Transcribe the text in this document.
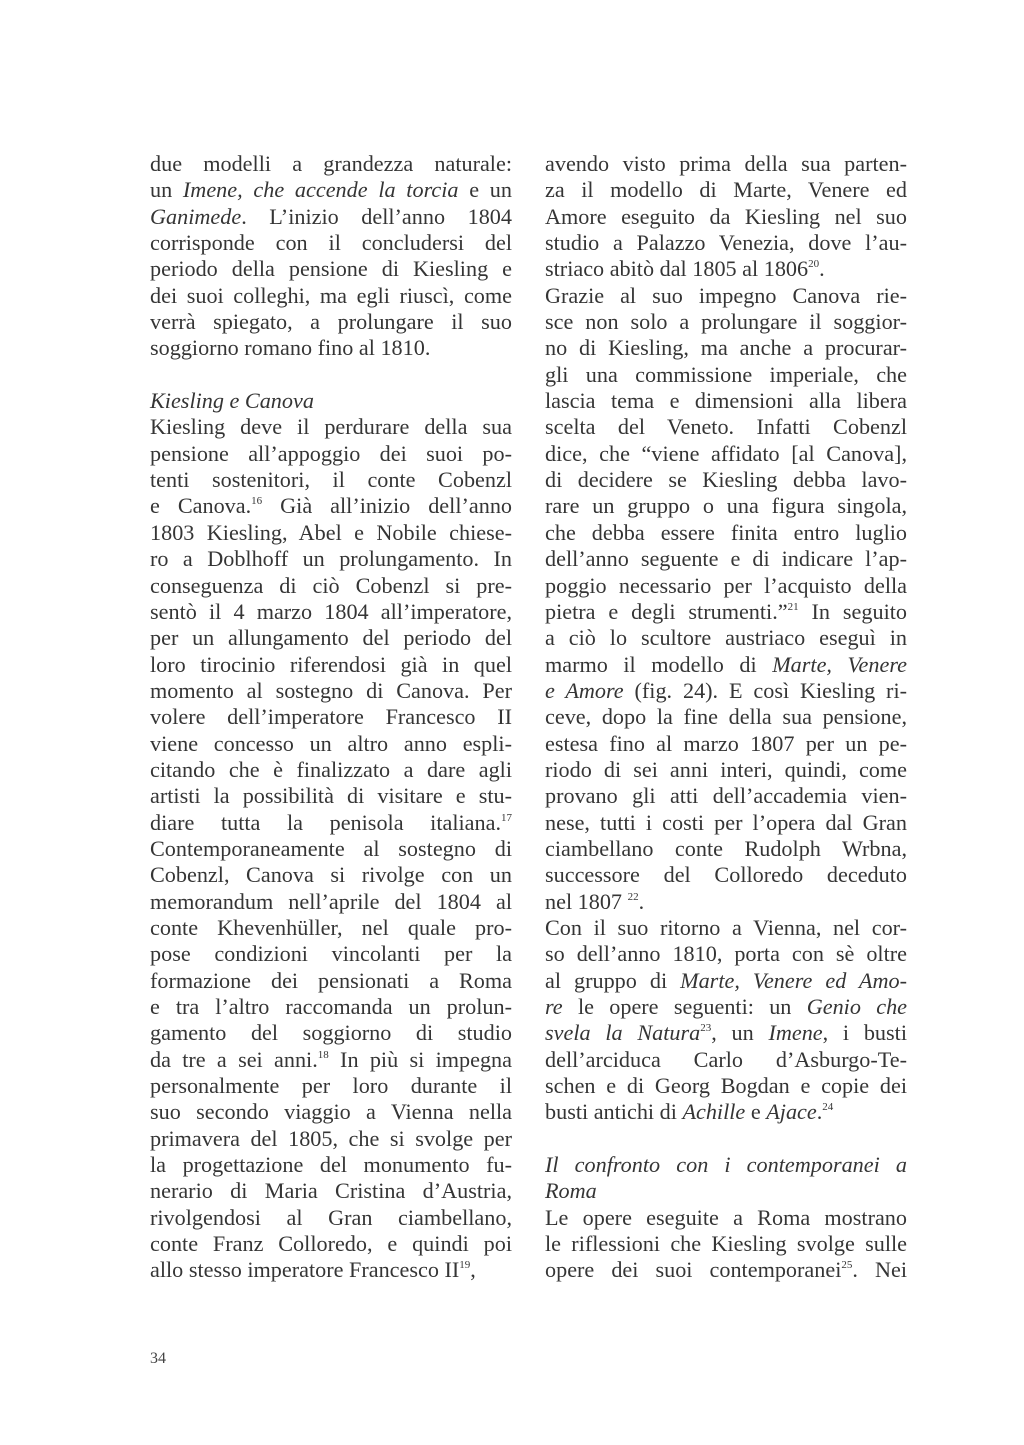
due modelli a grandezza naturale:
un Imene, che accende la torcia e un
Ganimede. L’inizio dell’anno 1804
corrisponde con il concludersi del
periodo della pensione di Kiesling e
dei suoi colleghi, ma egli riuscì, come
verrà spiegato, a prolungare il suo
soggiorno romano fino al 1810.
Kiesling e Canova
Kiesling deve il perdurare della sua
pensione all’appoggio dei suoi po-
tenti sostenitori, il conte Cobenzl
e Canova.$^{16}$ Già all’inizio dell’anno
1803 Kiesling, Abel e Nobile chiese-
ro a Doblhoff un prolungamento. In
conseguenza di ciò Cobenzl si pre-
sentò il 4 marzo 1804 all’imperatore,
per un allungamento del periodo del
loro tirocinio riferendosi già in quel
momento al sostegno di Canova. Per
volere dell’imperatore Francesco II
viene concesso un altro anno espli-
citando che è finalizzato a dare agli
artisti la possibilità di visitare e stu-
diare tutta la penisola italiana.$^{17}$
Contemporaneamente al sostegno di
Cobenzl, Canova si rivolge con un
memorandum nell’aprile del 1804 al
conte Khevenhüller, nel quale pro-
pose condizioni vincolanti per la
formazione dei pensionati a Roma
e tra l’altro raccomanda un prolun-
gamento del soggiorno di studio
da tre a sei anni.$^{18}$ In più si impegna
personalmente per loro durante il
suo secondo viaggio a Vienna nella
primavera del 1805, che si svolge per
la progettazione del monumento fu-
nerario di Maria Cristina d’Austria,
rivolgendosi al Gran ciambellano,
conte Franz Colloredo, e quindi poi
allo stesso imperatore Francesco II$^{19}$,
avendo visto prima della sua parten-
za il modello di Marte, Venere ed
Amore eseguito da Kiesling nel suo
studio a Palazzo Venezia, dove l’au-
striaco abitò dal 1805 al 1806$^{20}$.
Grazie al suo impegno Canova rie-
sce non solo a prolungare il soggior-
no di Kiesling, ma anche a procurar-
gli una commissione imperiale, che
lascia tema e dimensioni alla libera
scelta del Veneto. Infatti Cobenzl
dice, che “viene affidato [al Canova],
di decidere se Kiesling debba lavo-
rare un gruppo o una figura singola,
che debba essere finita entro luglio
dell’anno seguente e di indicare l’ap-
poggio necessario per l’acquisto della
pietra e degli strumenti.”$^{21}$ In seguito
a ciò lo scultore austriaco eseguì in
marmo il modello di Marte, Venere
e Amore (fig. 24). E così Kiesling ri-
ceve, dopo la fine della sua pensione,
estesa fino al marzo 1807 per un pe-
riodo di sei anni interi, quindi, come
provano gli atti dell’accademia vien-
nese, tutti i costi per l’opera dal Gran
ciambellano conte Rudolph Wrbna,
successore del Colloredo deceduto
nel 1807 $^{22}$.
Con il suo ritorno a Vienna, nel cor-
so dell’anno 1810, porta con sè oltre
al gruppo di Marte, Venere ed Amo-
re le opere seguenti: un Genio che
svela la Natura$^{23}$, un Imene, i busti
dell’arciduca Carlo d’Asburgo-Te-
schen e di Georg Bogdan e copie dei
busti antichi di Achille e Ajace.$^{24}$
Il confronto con i contemporanei a
Roma
Le opere eseguite a Roma mostrano
le riflessioni che Kiesling svolge sulle
opere dei suoi contemporanei$^{25}$. Nei
34
